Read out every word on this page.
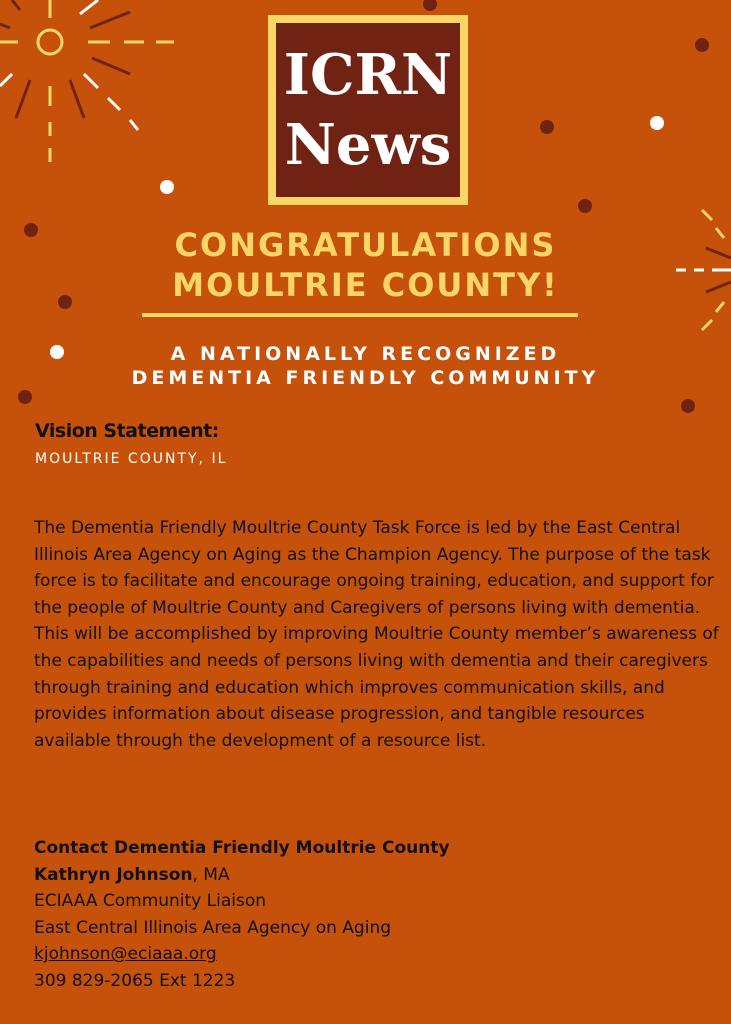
ICRN
News
CONGRATULATIONS
MOULTRIE COUNTY!
A NATIONALLY RECOGNIZED
DEMENTIA FRIENDLY COMMUNITY
Vision Statement:
MOULTRIE COUNTY, IL
The Dementia Friendly Moultrie County Task Force is led by the East Central Illinois Area Agency on Aging as the Champion Agency. The purpose of the task force is to facilitate and encourage ongoing training, education, and support for the people of Moultrie County and Caregivers of persons living with dementia. This will be accomplished by improving Moultrie County member’s awareness of the capabilities and needs of persons living with dementia and their caregivers through training and education which improves communication skills, and provides information about disease progression, and tangible resources available through the development of a resource list.
Contact Dementia Friendly Moultrie County
Kathryn Johnson, MA
ECIAAA Community Liaison
East Central Illinois Area Agency on Aging
kjohnson@eciaaa.org
309 829-2065 Ext 1223
